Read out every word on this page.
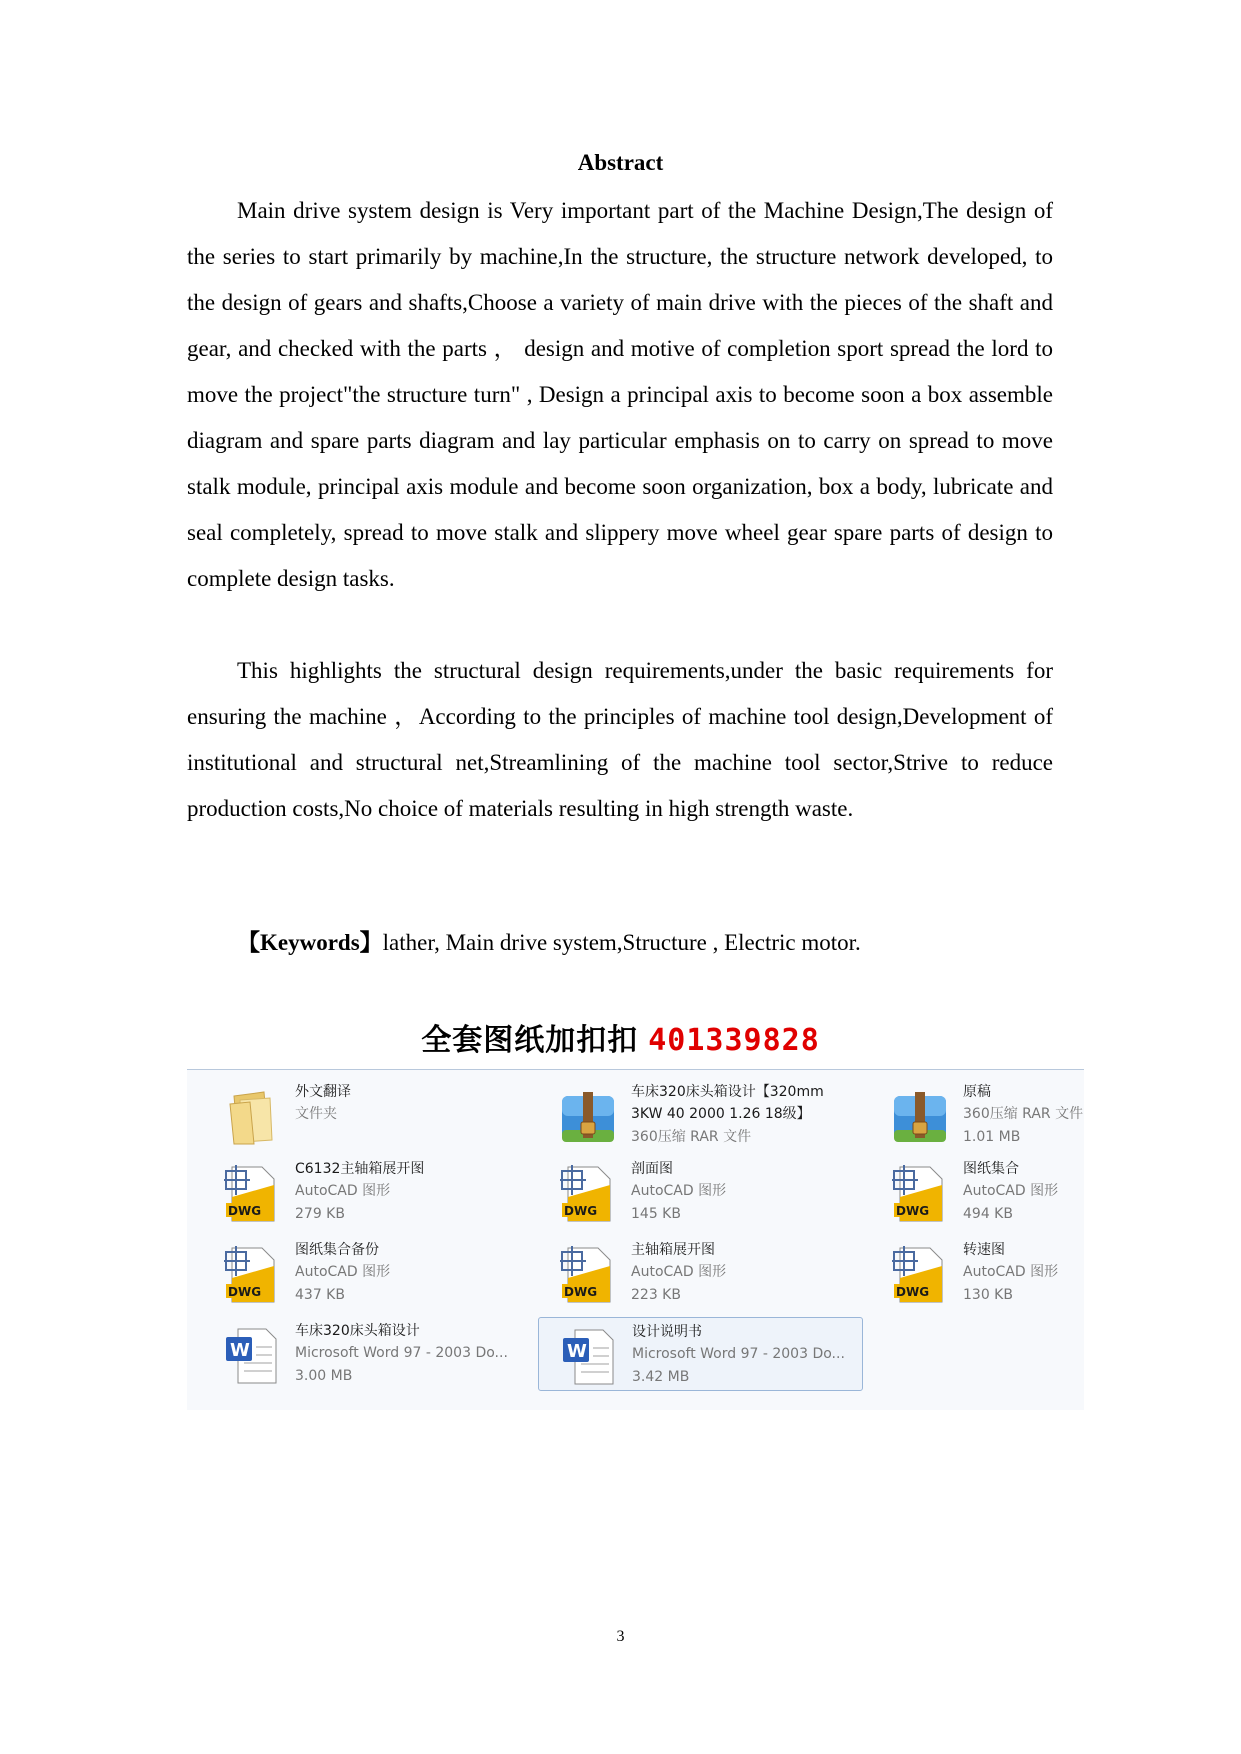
Abstract

Main drive system design is Very important part of the Machine Design,The design of the series to start primarily by machine,In the structure, the structure network developed, to the design of gears and shafts,Choose a variety of main drive with the pieces of the shaft and gear, and checked with the parts ， design and motive of completion sport spread the lord to move the project"the structure turn" , Design a principal axis to become soon a box assemble diagram and spare parts diagram and lay particular emphasis on to carry on spread to move stalk module, principal axis module and become soon organization, box a body, lubricate and seal completely, spread to move stalk and slippery move wheel gear spare parts of design to complete design tasks.

This highlights the structural design requirements,under the basic requirements for ensuring the machine ，According to the principles of machine tool design,Development of institutional and structural net,Streamlining of the machine tool sector,Strive to reduce production costs,No choice of materials resulting in high strength waste.

【Keywords】lather, Main drive system,Structure , Electric motor.

全套图纸加扣扣 401339828
外文翻译
文件夹
车床320床头箱设计【320mm
3KW 40 2000 1.26 18级】
360压缩 RAR 文件
原稿
360压缩 RAR 文件
1.01 MB
DWG
C6132主轴箱展开图
AutoCAD 图形
279 KB	DWG
剖面图
AutoCAD 图形
145 KB	DWG
图纸集合
AutoCAD 图形
494 KB
DWG
图纸集合备份
AutoCAD 图形
437 KB	DWG
主轴箱展开图
AutoCAD 图形
223 KB	DWG
转速图
AutoCAD 图形
130 KB
W
车床320床头箱设计
Microsoft Word 97 - 2003 Do...
3.00 MB
W
设计说明书
Microsoft Word 97 - 2003 Do...
3.42 MB
3
